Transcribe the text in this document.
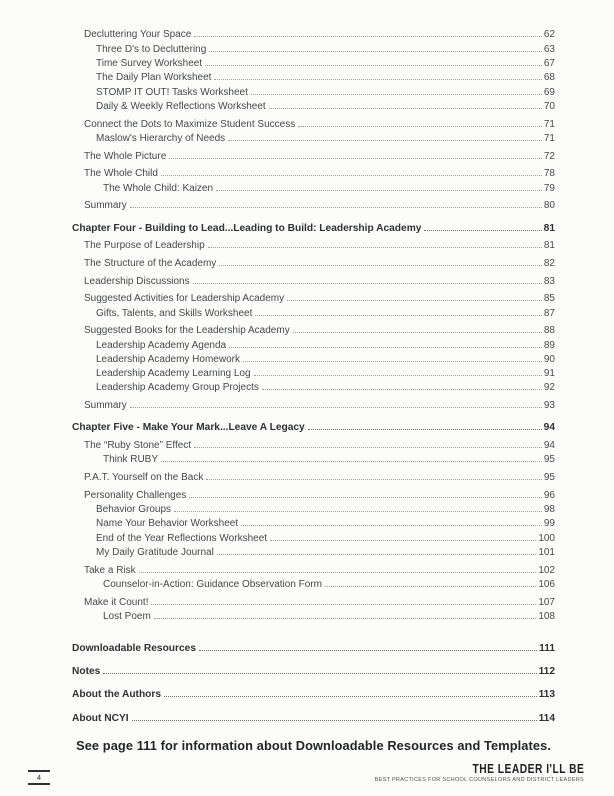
Decluttering Your Space	62
Three D's to Decluttering	63
Time Survey Worksheet	67
The Daily Plan Worksheet	68
STOMP IT OUT! Tasks Worksheet	69
Daily & Weekly Reflections Worksheet	70
Connect the Dots to Maximize Student Success	71
Maslow's Hierarchy of Needs	71
The Whole Picture	72
The Whole Child	78
The Whole Child: Kaizen	79
Summary	80
Chapter Four - Building to Lead...Leading to Build: Leadership Academy	81
The Purpose of Leadership	81
The Structure of the Academy	82
Leadership Discussions	83
Suggested Activities for Leadership Academy	85
Gifts, Talents, and Skills Worksheet	87
Suggested Books for the Leadership Academy	88
Leadership Academy Agenda	89
Leadership Academy Homework	90
Leadership Academy Learning Log	91
Leadership Academy Group Projects	92
Summary	93
Chapter Five - Make Your Mark...Leave A Legacy	94
The “Ruby Stone” Effect	94
Think RUBY	95
P.A.T. Yourself on the Back	95
Personality Challenges	96
Behavior Groups	98
Name Your Behavior Worksheet	99
End of the Year Reflections Worksheet	100
My Daily Gratitude Journal	101
Take a Risk	102
Counselor-in-Action: Guidance Observation Form	106
Make it Count!	107
Lost Poem	108
Downloadable Resources	111
Notes	112
About the Authors	113
About NCYI	114
See page 111 for information about Downloadable Resources and Templates.
4
THE LEADER I'LL BE
BEST PRACTICES FOR SCHOOL COUNSELORS AND DISTRICT LEADERS
